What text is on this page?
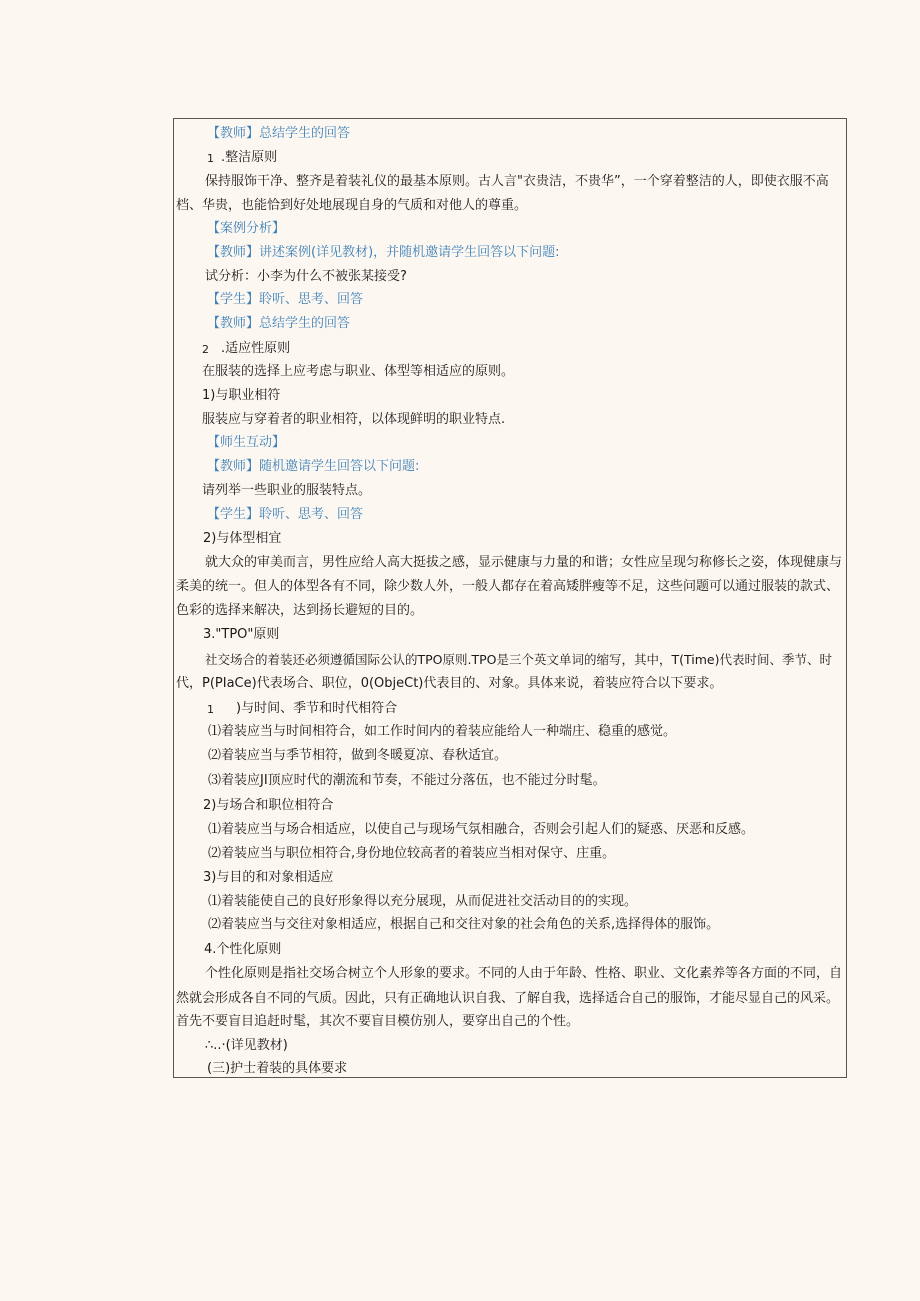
【教师】总结学生的回答
1 .整洁原则
保持服饰干净、整齐是着装礼仪的最基本原则。古人言"衣贵洁，不贵华”，一个穿着整洁的人，即使衣服不高
档、华贵，也能恰到好处地展现自身的气质和对他人的尊重。
【案例分析】
【教师】讲述案例(详见教材)，并随机邀请学生回答以下问题:
试分析：小李为什么不被张某接受?
【学生】聆听、思考、回答
【教师】总结学生的回答
2 .适应性原则
在服装的选择上应考虑与职业、体型等相适应的原则。
1)与职业相符
服装应与穿着者的职业相符，以体现鲜明的职业特点.
【师生互动】
【教师】随机邀请学生回答以下问题:
请列举一些职业的服装特点。
【学生】聆听、思考、回答
2)与体型相宜
就大众的审美而言，男性应给人高大挺拔之感，显示健康与力量的和谐；女性应呈现匀称修长之姿，体现健康与
柔美的统一。但人的体型各有不同，除少数人外，一般人都存在着高矮胖瘦等不足，这些问题可以通过服装的款式、
色彩的选择来解决，达到扬长避短的目的。
3."TPO"原则
社交场合的着装还必须遵循国际公认的TPO原则.TPO是三个英文单词的缩写，其中，T(Time)代表时间、季节、时
代，P(PIaCe)代表场合、职位，0(ObjeCt)代表目的、对象。具体来说，着装应符合以下要求。
1 )与时间、季节和时代相符合
⑴着装应当与时间相符合，如工作时间内的着装应能给人一种端庄、稳重的感觉。
⑵着装应当与季节相符，做到冬暖夏凉、春秋适宜。
⑶着装应JI顶应时代的潮流和节奏，不能过分落伍，也不能过分时髦。
2)与场合和职位相符合
⑴着装应当与场合相适应，以使自己与现场气氛相融合，否则会引起人们的疑惑、厌恶和反感。
⑵着装应当与职位相符合,身份地位较高者的着装应当相对保守、庄重。
3)与目的和对象相适应
⑴着装能使自己的良好形象得以充分展现，从而促进社交活动目的的实现。
⑵着装应当与交往对象相适应，根据自己和交往对象的社会角色的关系,选择得体的服饰。
4.个性化原则
个性化原则是指社交场合树立个人形象的要求。不同的人由于年龄、性格、职业、文化素养等各方面的不同，自
然就会形成各自不同的气质。因此，只有正确地认识自我、了解自我，选择适合自己的服饰，才能尽显自己的风采。
首先不要盲目追赶时髦，其次不要盲目模仿别人，要穿出自己的个性。
∴..·(详见教材)
(三)护士着装的具体要求
